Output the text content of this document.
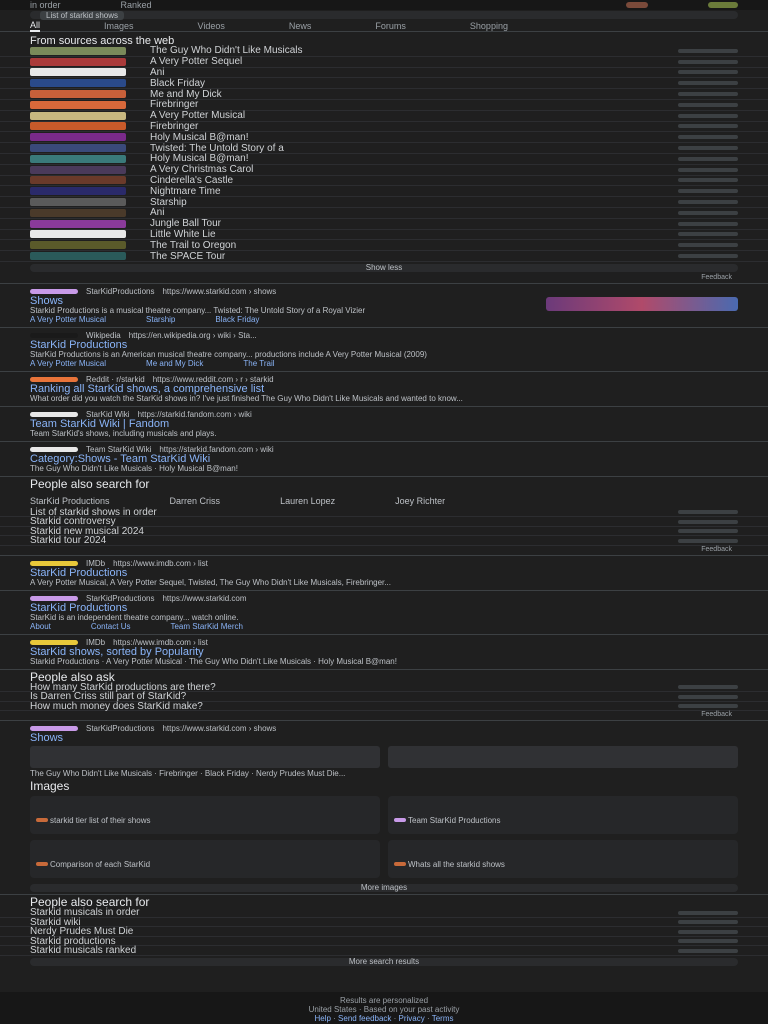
in order	Ranked
List of starkid shows
All	Images	Videos	News	Forums	Shopping
From sources across the web
The Guy Who Didn't Like Musicals
A Very Potter Sequel
Ani
Black Friday
Me and My Dick
Firebringer
A Very Potter Musical
Firebringer
Holy Musical B@man!
Twisted: The Untold Story of a
Holy Musical B@man!
A Very Christmas Carol
Cinderella's Castle
Nightmare Time
Starship
Ani
Jungle Ball Tour
Little White Lie
The Trail to Oregon
The SPACE Tour
Show less
Feedback
StarKidProductions https://www.starkid.com › shows
Shows
Starkid Productions is a musical theatre company... Twisted: The Untold Story of a Royal Vizier
A Very Potter Musical	Starship	Black Friday
Wikipedia https://en.wikipedia.org › wiki › Sta...
StarKid Productions
StarKid Productions is an American musical theatre company... productions include A Very Potter Musical (2009)
A Very Potter Musical	Me and My Dick	The Trail
Reddit · r/starkid https://www.reddit.com › r › starkid
Ranking all StarKid shows, a comprehensive list
What order did you watch the StarKid shows in? I've just finished The Guy Who Didn't Like Musicals and wanted to know...
StarKid Wiki https://starkid.fandom.com › wiki
Team StarKid Wiki | Fandom
Team StarKid's shows, including musicals and plays.
Team StarKid Wiki https://starkid.fandom.com › wiki
Category:Shows - Team StarKid Wiki
The Guy Who Didn't Like Musicals · Holy Musical B@man!
People also search for
StarKid Productions	Darren Criss	Lauren Lopez	Joey Richter
List of starkid shows in order
Starkid controversy
Starkid new musical 2024
Starkid tour 2024
Feedback
IMDb https://www.imdb.com › list
StarKid Productions
A Very Potter Musical, A Very Potter Sequel, Twisted, The Guy Who Didn't Like Musicals, Firebringer...
StarKidProductions https://www.starkid.com
StarKid Productions
StarKid is an independent theatre company... watch online.
About	Contact Us	Team StarKid Merch
IMDb https://www.imdb.com › list
StarKid shows, sorted by Popularity
Starkid Productions · A Very Potter Musical · The Guy Who Didn't Like Musicals · Holy Musical B@man!
People also ask
How many StarKid productions are there?
Is Darren Criss still part of StarKid?
How much money does StarKid make?
Feedback
StarKidProductions https://www.starkid.com › shows
Shows
The Guy Who Didn't Like Musicals · Firebringer · Black Friday · Nerdy Prudes Must Die...
Images
starkid tier list of their shows	Team StarKid Productions
Comparison of each StarKid	Whats all the starkid shows
More images
People also search for
Starkid musicals in order
Starkid wiki
Nerdy Prudes Must Die
Starkid productions
Starkid musicals ranked
More search results
Results are personalized
United States · Based on your past activity
Help · Send feedback · Privacy · Terms
